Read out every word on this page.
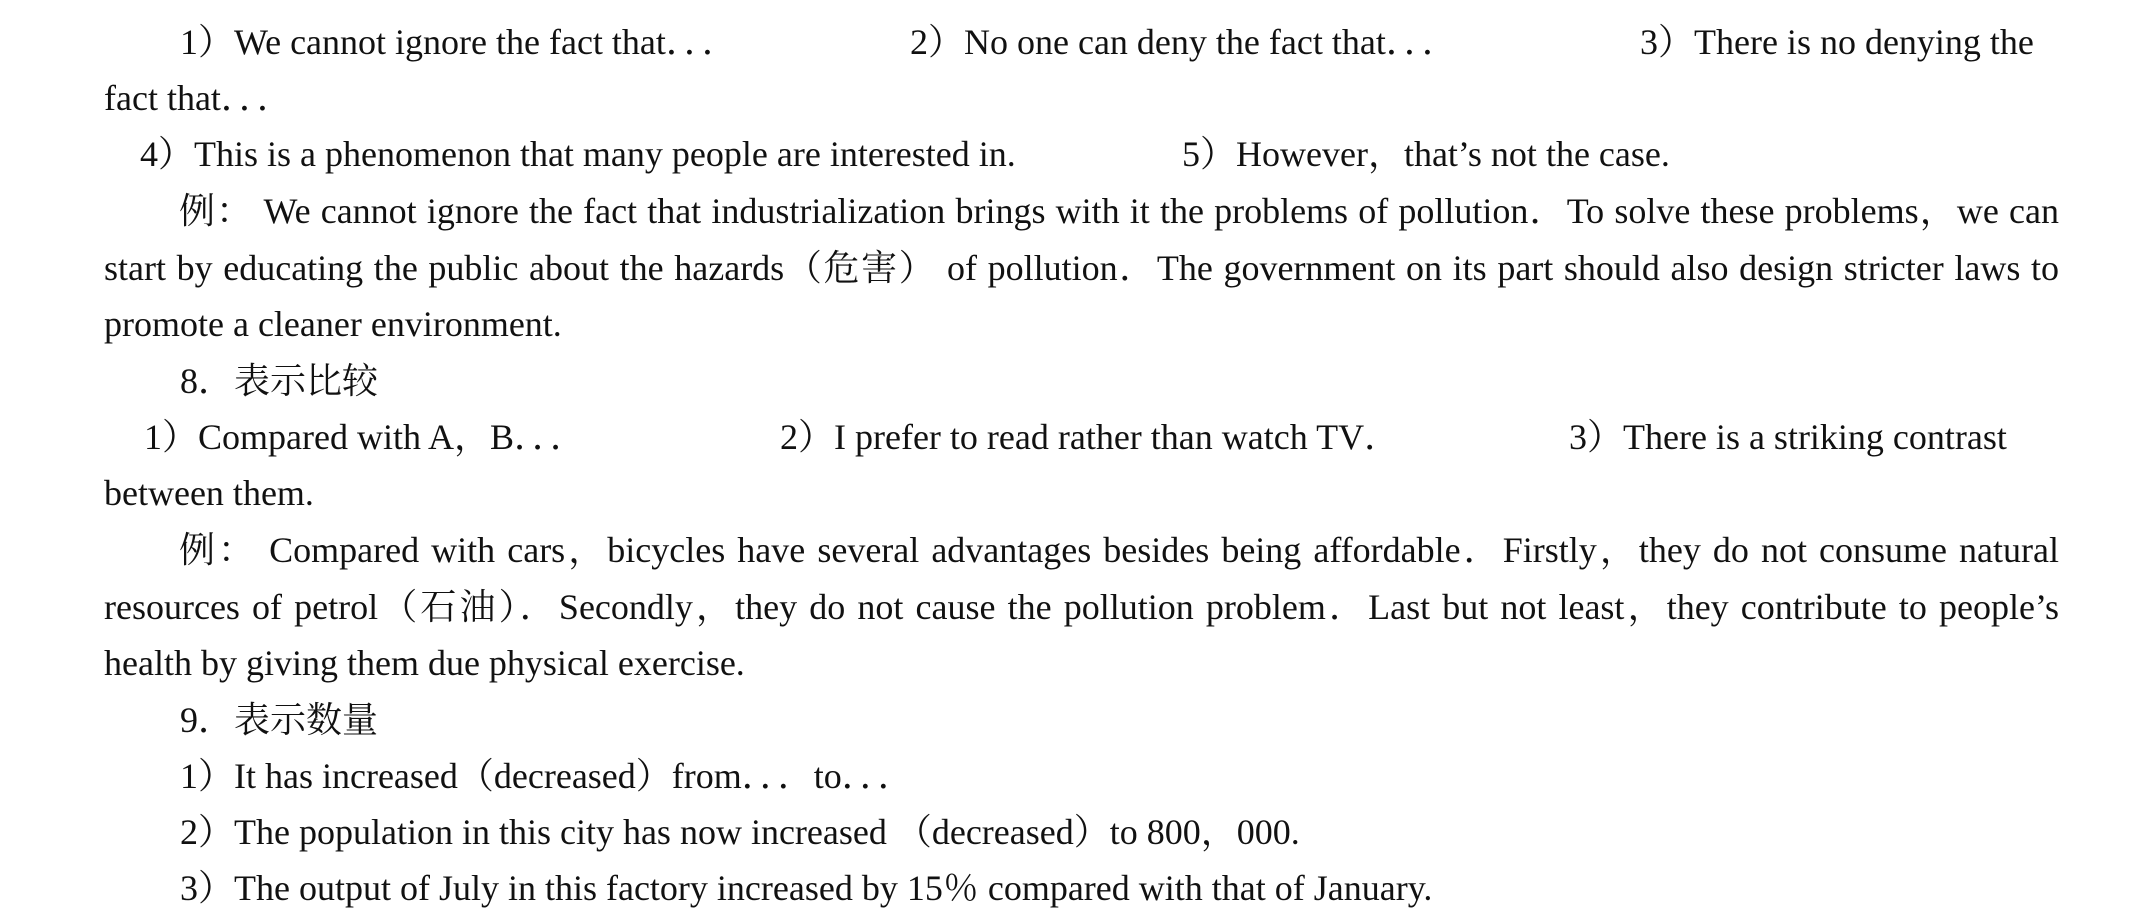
1）We cannot ignore the fact that．．．	2）No one can deny the fact that．．．	3）There is no denying the
fact that．．．
4）This is a phenomenon that many people are interested in.	5）However，that’s not the case.
例： We cannot ignore the fact that industrialization brings with it the problems of pollution．To solve these problems，we can start by educating the public about the hazards（危害） of pollution．The government on its part should also design stricter laws to promote a cleaner environment.
8．表示比较
1）Compared with A，B．．．	2）I prefer to read rather than watch TV．	3）There is a striking contrast
between them.
例： Compared with cars，bicycles have several advantages besides being affordable．Firstly，they do not consume natural resources of petrol（石油）．Secondly，they do not cause the pollution problem．Last but not least，they contribute to people’s health by giving them due physical exercise.
9．表示数量
1）It has increased（decreased）from．．．to．．．
2）The population in this city has now increased （decreased）to 800，000.
3）The output of July in this factory increased by 15％ compared with that of January.
